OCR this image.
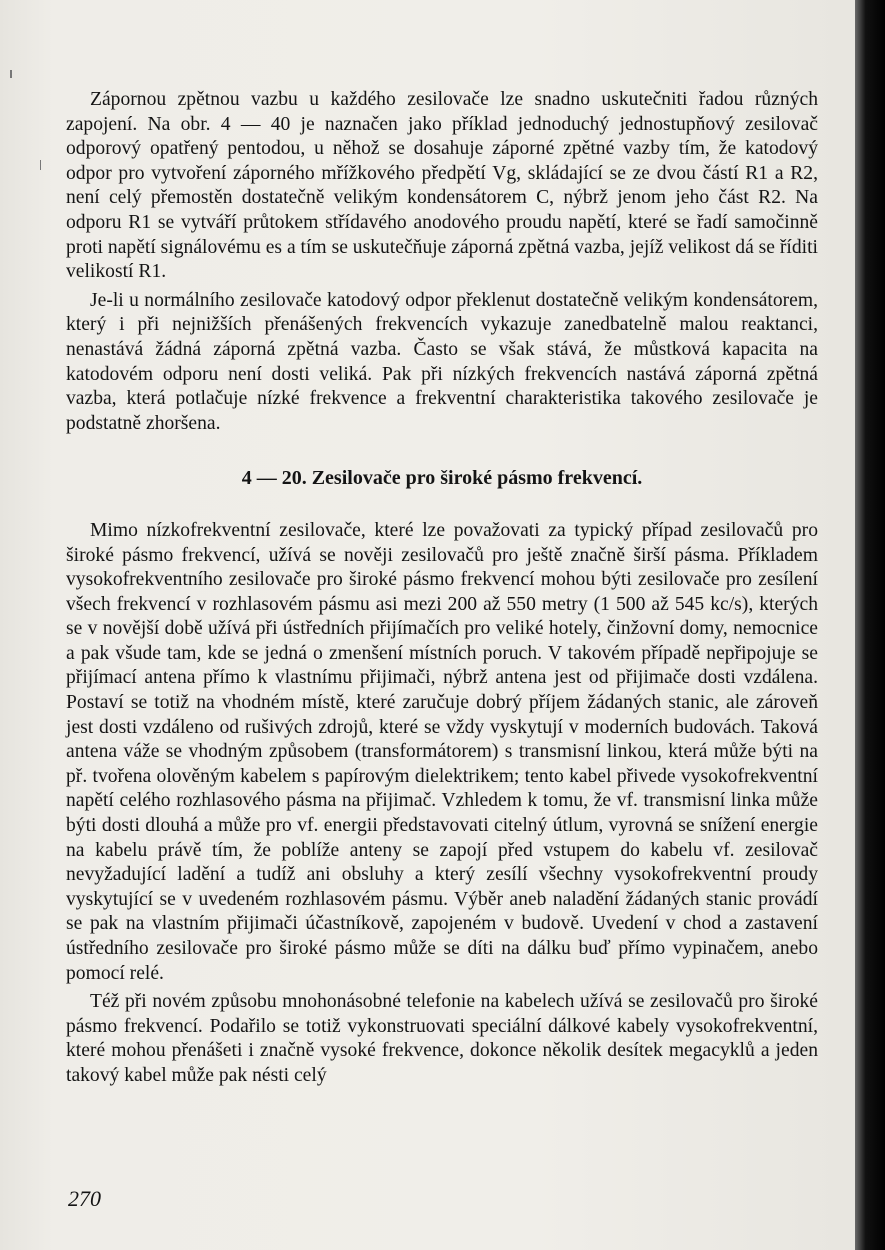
Zápornou zpětnou vazbu u každého zesilovače lze snadno uskutečniti řadou různých zapojení. Na obr. 4 — 40 je naznačen jako příklad jednoduchý jednostupňový zesilovač odporový opatřený pentodou, u něhož se dosahuje záporné zpětné vazby tím, že katodový odpor pro vytvoření záporného mřížkového předpětí Vg, skládající se ze dvou částí R1 a R2, není celý přemostěn dostatečně velikým kondensátorem C, nýbrž jenom jeho část R2. Na odporu R1 se vytváří průtokem střídavého anodového proudu napětí, které se řadí samočinně proti napětí signálovému es a tím se uskutečňuje záporná zpětná vazba, jejíž velikost dá se říditi velikostí R1.

Je-li u normálního zesilovače katodový odpor překlenut dostatečně velikým kondensátorem, který i při nejnižších přenášených frekvencích vykazuje zanedbatelně malou reaktanci, nenastává žádná záporná zpětná vazba. Často se však stává, že můstková kapacita na katodovém odporu není dosti veliká. Pak při nízkých frekvencích nastává záporná zpětná vazba, která potlačuje nízké frekvence a frekventní charakteristika takového zesilovače je podstatně zhoršena.

4 — 20. Zesilovače pro široké pásmo frekvencí.

Mimo nízkofrekventní zesilovače, které lze považovati za typický případ zesilovačů pro široké pásmo frekvencí, užívá se nověji zesilovačů pro ještě značně širší pásma. Příkladem vysokofrekventního zesilovače pro široké pásmo frekvencí mohou býti zesilovače pro zesílení všech frekvencí v rozhlasovém pásmu asi mezi 200 až 550 metry (1 500 až 545 kc/s), kterých se v novější době užívá při ústředních přijímačích pro veliké hotely, činžovní domy, nemocnice a pak všude tam, kde se jedná o zmenšení místních poruch. V takovém případě nepřipojuje se přijímací antena přímo k vlastnímu přijimači, nýbrž antena jest od přijimače dosti vzdálena. Postaví se totiž na vhodném místě, které zaručuje dobrý příjem žádaných stanic, ale zároveň jest dosti vzdáleno od rušivých zdrojů, které se vždy vyskytují v moderních budovách. Taková antena váže se vhodným způsobem (transformátorem) s transmisní linkou, která může býti na př. tvořena olověným kabelem s papírovým dielektrikem; tento kabel přivede vysokofrekventní napětí celého rozhlasového pásma na přijimač. Vzhledem k tomu, že vf. transmisní linka může býti dosti dlouhá a může pro vf. energii představovati citelný útlum, vyrovná se snížení energie na kabelu právě tím, že poblíže anteny se zapojí před vstupem do kabelu vf. zesilovač nevyžadující ladění a tudíž ani obsluhy a který zesílí všechny vysokofrekventní proudy vyskytující se v uvedeném rozhlasovém pásmu. Výběr aneb naladění žádaných stanic provádí se pak na vlastním přijimači účastníkově, zapojeném v budově. Uvedení v chod a zastavení ústředního zesilovače pro široké pásmo může se díti na dálku buď přímo vypinačem, anebo pomocí relé.

Též při novém způsobu mnohonásobné telefonie na kabelech užívá se zesilovačů pro široké pásmo frekvencí. Podařilo se totiž vykonstruovati speciální dálkové kabely vysokofrekventní, které mohou přenášeti i značně vysoké frekvence, dokonce několik desítek megacyklů a jeden takový kabel může pak nésti celý

270
